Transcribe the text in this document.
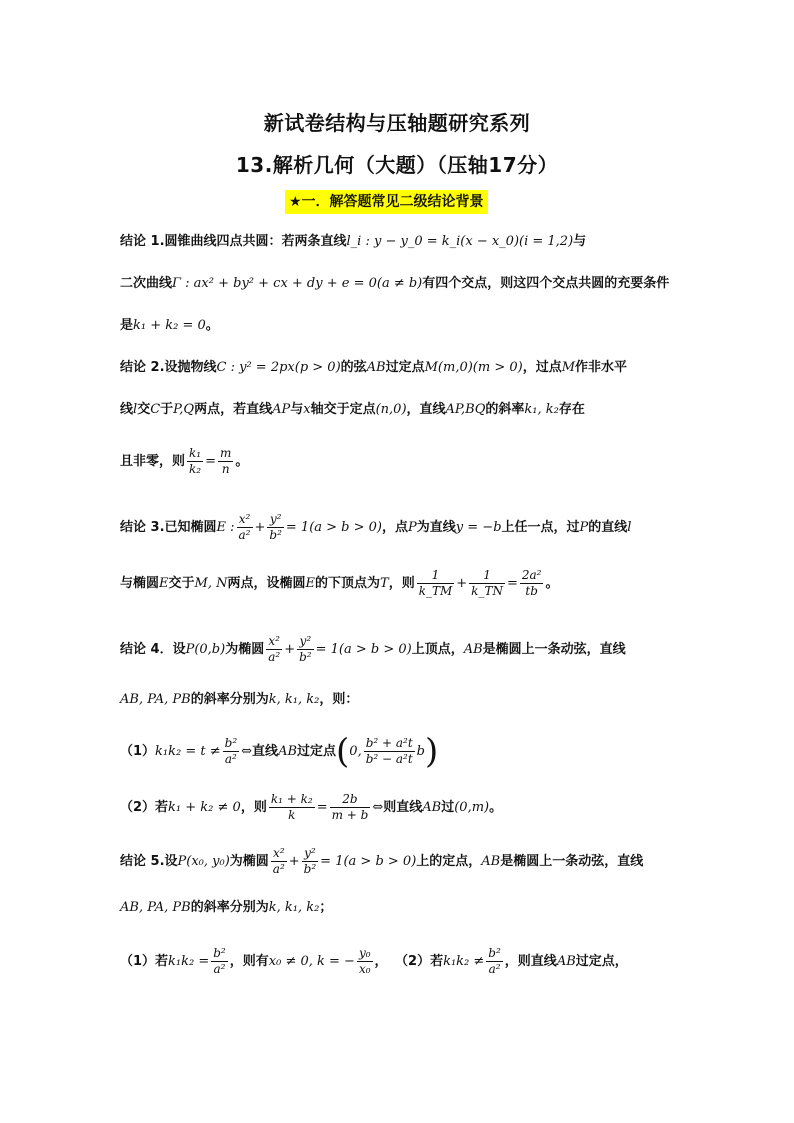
新试卷结构与压轴题研究系列
13.解析几何（大题）（压轴17分）
★一．解答题常见二级结论背景
结论 1.圆锥曲线四点共圆：若两条直线l_i : y − y_0 = k_i(x − x_0)(i = 1,2)与
二次曲线Γ : ax² + by² + cx + dy + e = 0(a ≠ b)有四个交点，则这四个交点共圆的充要条件
是k₁ + k₂ = 0。
结论 2.设抛物线C : y² = 2px(p > 0)的弦AB过定点M(m,0)(m > 0)，过点M作非水平
线l交C于P,Q两点，若直线AP与x轴交于定点(n,0)，直线AP,BQ的斜率k₁, k₂存在
且非零，则 $\frac{\text{k₁}}{\text{k₂}} = \frac{m}{n}$ 。
结论 3.已知椭圆E : $\frac{\text{x²}}{\text{a²}} + \frac{\text{y²}}{\text{b²}} = 1(a > b > 0)$，点P为直线y = −b上任一点，过P的直线l
与椭圆E交于M, N两点，设椭圆E的下顶点为T，则 $\frac{1}{k\_TM} + \frac{1}{k\_TN} = \frac{\text{2a²}}{tb}$ 。
结论 4．设P(0,b)为椭圆 $\frac{\text{x²}}{\text{a²}} + \frac{\text{y²}}{\text{b²}} = 1(a > b > 0)$上顶点，AB是椭圆上一条动弦，直线
AB, PA, PB的斜率分别为k, k₁, k₂，则：
$(1)k_1k_2 = t \ne \frac{\text{b²}}{\text{a²}}$ ⇔直线AB过定点(0, $\frac{\text{b² + a²t}}{\text{b² − a²t}} b$)
（2）若k₁ + k₂ ≠ 0，则 $\frac{\text{k₁ + k₂}}{k} = \frac{2b}{m + b}$ ⇔则直线AB过(0,m)。
结论 5.设P(x₀, y₀)为椭圆 $\frac{\text{x²}}{\text{a²}} + \frac{\text{y²}}{\text{b²}} = 1(a > b > 0)$上的定点，AB是椭圆上一条动弦，直线
AB, PA, PB的斜率分别为k, k₁, k₂；
（1）若$k_1k_2 = \frac{\text{b²}}{\text{a²}}$ ，则有x₀ ≠ 0, k = − $\frac{\text{y₀}}{\text{x₀}}$ ， （2）若$k_1k_2 \ne \frac{\text{b²}}{\text{a²}}$ ，则直线AB过定点，
